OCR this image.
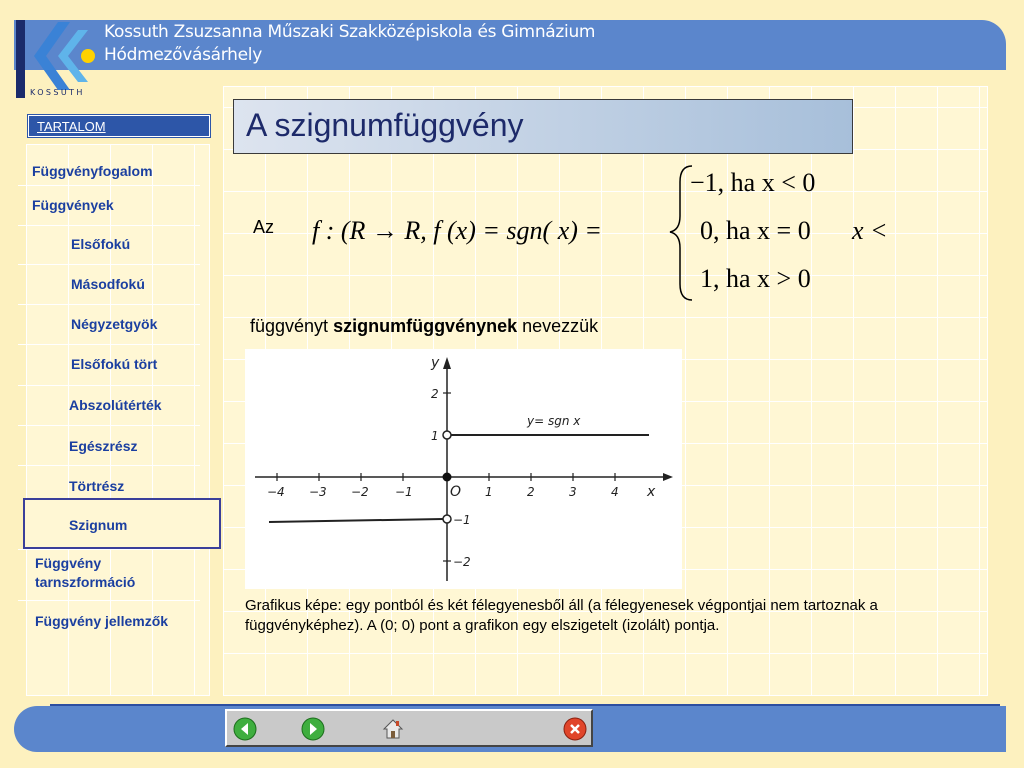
Kossuth Zsuzsanna Műszaki Szakközépiskola és Gimnázium
Hódmezővásárhely
KOSSUTH
TARTALOM
Függvényfogalom
Függvények
Elsőfokú
Másodfokú
Négyzetgyök
Elsőfokú tört
Abszolútérték
Egészrész
Törtrész
Szignum
Függvény
tarnszformáció
Függvény jellemzők
A szignumfüggvény
Az f : (R → R, f (x) = sgn( x) =
−1, ha x < 0
0, ha x = 0
1, ha x > 0
x <
függvényt szignumfüggvénynek nevezzük
−4 −3 −2 −1	O 1	2	3	4 x
y
2
1
−1
−2
y= sgn x
Grafikus képe: egy pontból és két félegyenesből áll (a félegyenesek végpontjai nem tartoznak a függvényképhez). A (0; 0) pont a grafikon egy elszigetelt (izolált) pontja.
